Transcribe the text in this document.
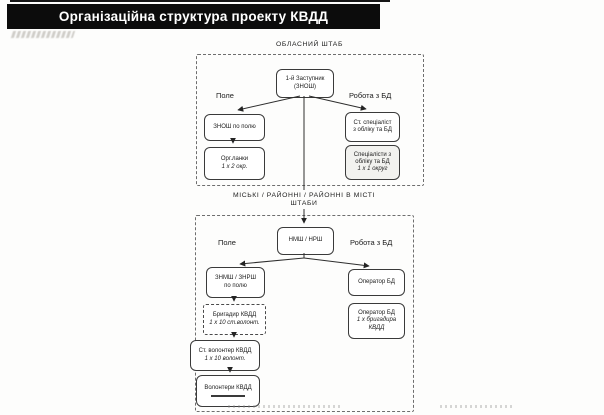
Організаційна структура проекту КВДД
ОБЛАСНИЙ ШТАБ
1-й Заступник
(ЗНОШ)
Поле	Робота з БД
ЗНОШ по полю
Орг.ланки
1 х 2 окр.
Ст. спеціаліст
з обліку та БД
Спеціалісти з
обліку та БД
1 х 1 округ
МІСЬКІ / РАЙОННІ / РАЙОННІ В МІСТІ
ШТАБИ
НМШ / НРШ
Поле	Робота з БД
ЗНМШ / ЗНРШ
по полю
Бригадир КВДД
1 х 10 ст.волонт.
Ст. волонтер КВДД
1 х 10 волонт.
Волонтери КВДД
Оператор БД
Оператор БД
1 х бригадира
КВДД
